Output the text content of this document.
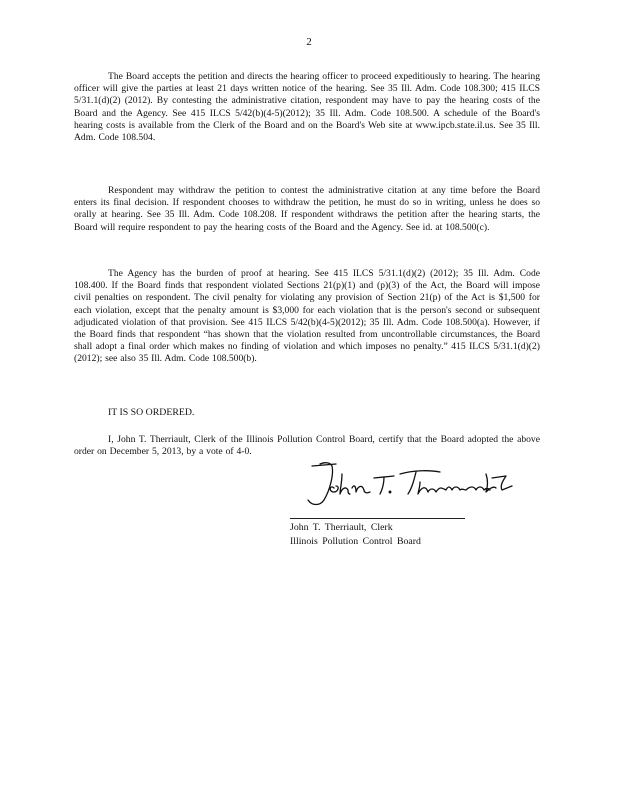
2

The Board accepts the petition and directs the hearing officer to proceed expeditiously to hearing. The hearing officer will give the parties at least 21 days written notice of the hearing. See 35 Ill. Adm. Code 108.300; 415 ILCS 5/31.1(d)(2) (2012). By contesting the administrative citation, respondent may have to pay the hearing costs of the Board and the Agency. See 415 ILCS 5/42(b)(4-5)(2012); 35 Ill. Adm. Code 108.500. A schedule of the Board's hearing costs is available from the Clerk of the Board and on the Board's Web site at www.ipcb.state.il.us. See 35 Ill. Adm. Code 108.504.

Respondent may withdraw the petition to contest the administrative citation at any time before the Board enters its final decision. If respondent chooses to withdraw the petition, he must do so in writing, unless he does so orally at hearing. See 35 Ill. Adm. Code 108.208. If respondent withdraws the petition after the hearing starts, the Board will require respondent to pay the hearing costs of the Board and the Agency. See id. at 108.500(c).

The Agency has the burden of proof at hearing. See 415 ILCS 5/31.1(d)(2) (2012); 35 Ill. Adm. Code 108.400. If the Board finds that respondent violated Sections 21(p)(1) and (p)(3) of the Act, the Board will impose civil penalties on respondent. The civil penalty for violating any provision of Section 21(p) of the Act is $1,500 for each violation, except that the penalty amount is $3,000 for each violation that is the person's second or subsequent adjudicated violation of that provision. See 415 ILCS 5/42(b)(4-5)(2012); 35 Ill. Adm. Code 108.500(a). However, if the Board finds that respondent “has shown that the violation resulted from uncontrollable circumstances, the Board shall adopt a final order which makes no finding of violation and which imposes no penalty.” 415 ILCS 5/31.1(d)(2) (2012); see also 35 Ill. Adm. Code 108.500(b).

IT IS SO ORDERED.
I, John T. Therriault, Clerk of the Illinois Pollution Control Board, certify that the Board adopted the above order on December 5, 2013, by a vote of 4-0.
John T. Therriault, Clerk
Illinois Pollution Control Board
